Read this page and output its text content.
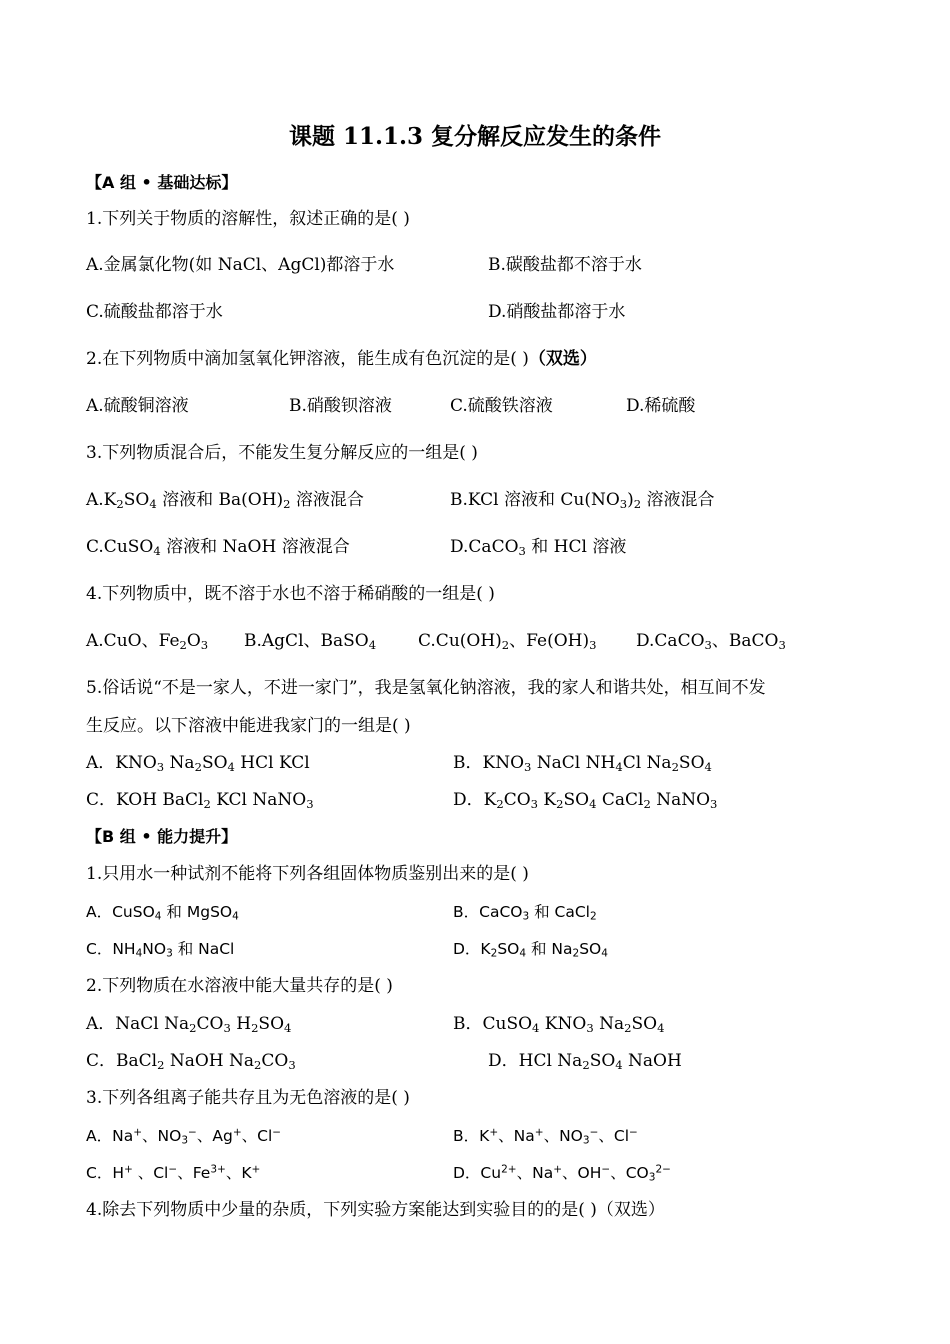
课题 11.1.3 复分解反应发生的条件
【A 组 • 基础达标】
1.下列关于物质的溶解性，叙述正确的是( )
A.金属氯化物(如 NaCl、AgCl)都溶于水	B.碳酸盐都不溶于水
C.硫酸盐都溶于水	D.硝酸盐都溶于水
2.在下列物质中滴加氢氧化钾溶液，能生成有色沉淀的是( )（双选）
A.硫酸铜溶液	B.硝酸钡溶液	C.硫酸铁溶液	D.稀硫酸
3.下列物质混合后，不能发生复分解反应的一组是( )
$A.K_2SO_4$ 溶液和 $Ba(OH)_2$ 溶液混合	B.KCl 溶液和 $Cu(NO_3)_2$ 溶液混合
C.CuSO$_4$ 溶液和 NaOH 溶液混合	D.CaCO$_3$ 和 HCl 溶液
4.下列物质中，既不溶于水也不溶于稀硝酸的一组是( )
A.CuO、$Fe_2O_3$ B.AgCl、BaSO$_4$ $C.Cu(OH)_2$、$Fe(OH)_3$ D.CaCO$_3$、BaCO$_3$
5.俗话说“不是一家人，不进一家门”，我是氢氧化钠溶液，我的家人和谐共处，相互间不发
生反应。以下溶液中能进我家门的一组是( )
A．$KNO_3$ $Na_2SO_4$ HCl KCl	B．$KNO_3$ NaCl $NH_4Cl$ $Na_2SO_4$
C．KOH BaCl$_2$ KCl NaNO$_3$	D．$K_2CO_3$ $K_2SO_4$ CaCl$_2$ NaNO$_3$
【B 组 • 能力提升】
1.只用水一种试剂不能将下列各组固体物质鉴别出来的是( )
A．CuSO$_4$ 和 MgSO$_4$	B．CaCO$_3$ 和 CaCl$_2$
C．$NH_4NO_3$ 和 NaCl	D．$K_2SO_4$ 和 $Na_2SO_4$
2.下列物质在水溶液中能大量共存的是( )
A．NaCl $Na_2CO_3$ $H_2SO_4$	B．CuSO$_4$ $KNO_3$ $Na_2SO_4$
C．BaCl$_2$ NaOH $Na_2CO_3$	D．HCl $Na_2SO_4$ NaOH
3.下列各组离子能共存且为无色溶液的是( )
A．Na+、$NO_3^-$、Ag+、Cl−	B．K+、Na+、$NO_3^-$、Cl−
C．H+ 、Cl−、$Fe^{3+}$、K+	D．$Cu^{2+}$、Na+、OH−、$CO_3^{2-}$
4.除去下列物质中少量的杂质，下列实验方案能达到实验目的的是( )（双选）
